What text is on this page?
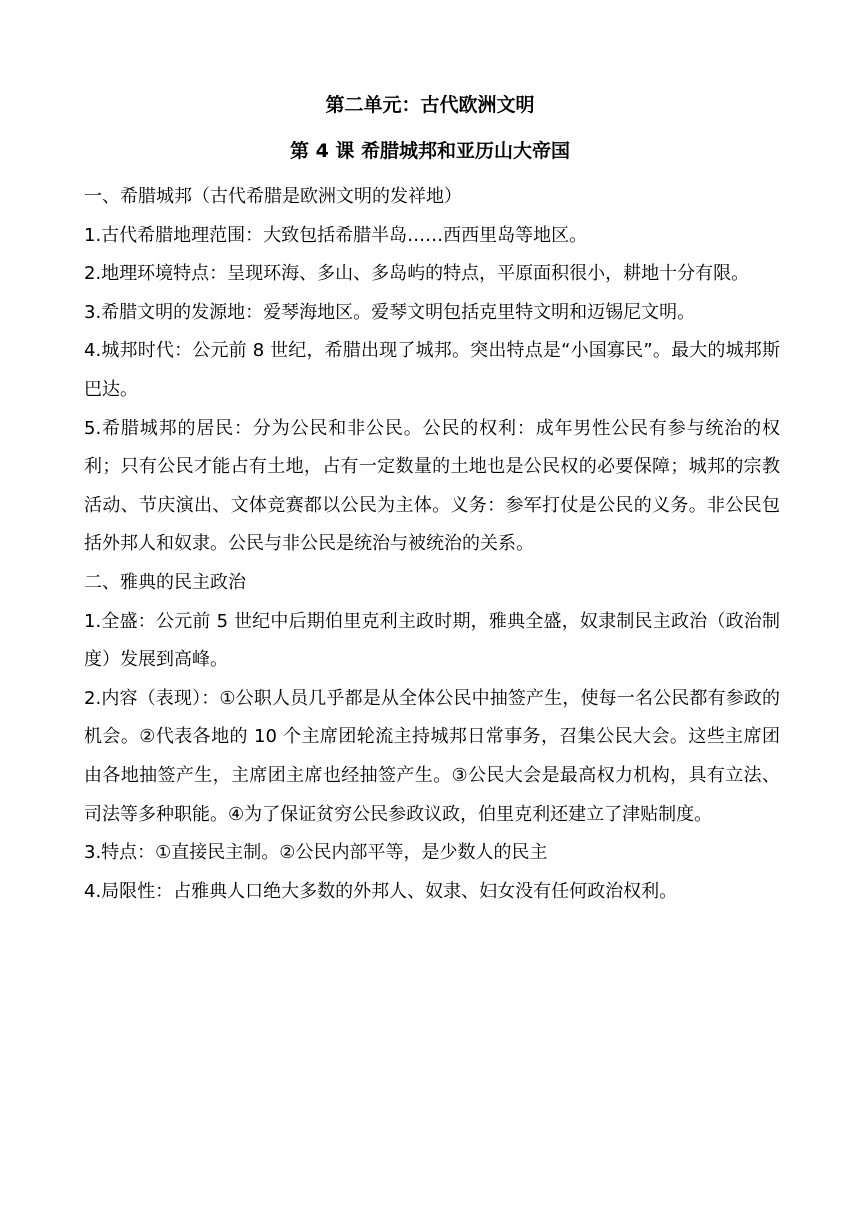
第二单元：古代欧洲文明
第 4 课 希腊城邦和亚历山大帝国

一、希腊城邦（古代希腊是欧洲文明的发祥地）

1.古代希腊地理范围：大致包括希腊半岛……西西里岛等地区。

2.地理环境特点：呈现环海、多山、多岛屿的特点，平原面积很小，耕地十分有限。

3.希腊文明的发源地：爱琴海地区。爱琴文明包括克里特文明和迈锡尼文明。

4.城邦时代：公元前 8 世纪，希腊出现了城邦。突出特点是“小国寡民”。最大的城邦斯巴达。

5.希腊城邦的居民：分为公民和非公民。公民的权利：成年男性公民有参与统治的权利；只有公民才能占有土地，占有一定数量的土地也是公民权的必要保障；城邦的宗教活动、节庆演出、文体竞赛都以公民为主体。义务：参军打仗是公民的义务。非公民包括外邦人和奴隶。公民与非公民是统治与被统治的关系。

二、雅典的民主政治

1.全盛：公元前 5 世纪中后期伯里克利主政时期，雅典全盛，奴隶制民主政治（政治制度）发展到高峰。

2.内容（表现）：①公职人员几乎都是从全体公民中抽签产生，使每一名公民都有参政的机会。②代表各地的 10 个主席团轮流主持城邦日常事务，召集公民大会。这些主席团由各地抽签产生，主席团主席也经抽签产生。③公民大会是最高权力机构，具有立法、司法等多种职能。④为了保证贫穷公民参政议政，伯里克利还建立了津贴制度。

3.特点：①直接民主制。②公民内部平等，是少数人的民主

4.局限性：占雅典人口绝大多数的外邦人、奴隶、妇女没有任何政治权利。
